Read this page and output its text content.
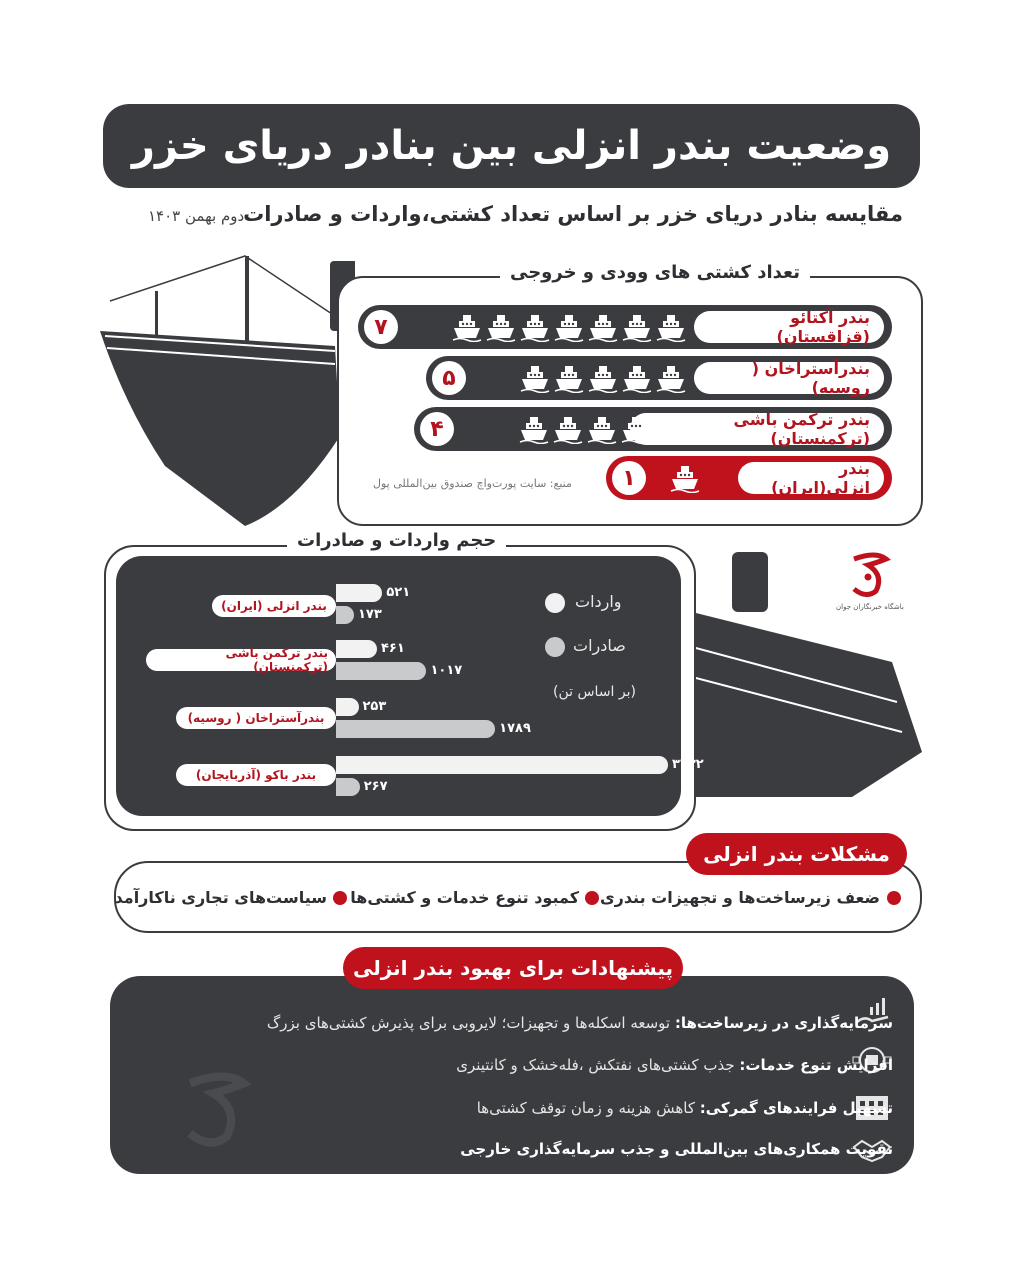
وضعیت بندر انزلی بین بنادر دریای خزر
مقایسه بنادر دریای خزر بر اساس تعداد کشتی،واردات و صادرات
دوم بهمن ۱۴۰۳
تعداد کشتی های وودی و خروجی
بندر آکتائو (قزاقستان)
۷
بندرآستراخان ( روسیه)
۵
بندر ترکمن باشی (ترکمنستان)
۴
بندر انزلی(ایران)
۱
منبع: سایت پورت‌واچ صندوق بین‌المللی پول
باشگاه خبرنگاران جوان
حجم واردات و صادرات
بندر انزلی (ایران)
بندر ترکمن باشی (ترکمنستان)
بندرآستراخان ( روسیه)
بندر باکو (آذربایجان)
۵۲۱
۱۷۳
۴۶۱
۱۰۱۷
۲۵۳
۱۷۸۹
۳۷۳۲
۲۶۷
واردات
صادرات
(بر اساس تن)
مشکلات بندر انزلی
ضعف زیرساخت‌ها و تجهیزات بندری
کمبود تنوع خدمات و کشتی‌ها
سیاست‌های تجاری ناکارآمد
پیشنهادات برای بهبود بندر انزلی
سرمایه‌گذاری در زیرساخت‌ها: توسعه اسکله‌ها و تجهیزات؛ لایروبی برای پذیرش کشتی‌های بزرگ
افزایش تنوع خدمات: جذب کشتی‌های نفتکش ،فله‌خشک و کانتینری
تسهیل فرایندهای گمرکی: کاهش هزینه و زمان توقف کشتی‌ها
تقویت همکاری‌های بین‌المللی و جذب سرمایه‌گذاری خارجی
